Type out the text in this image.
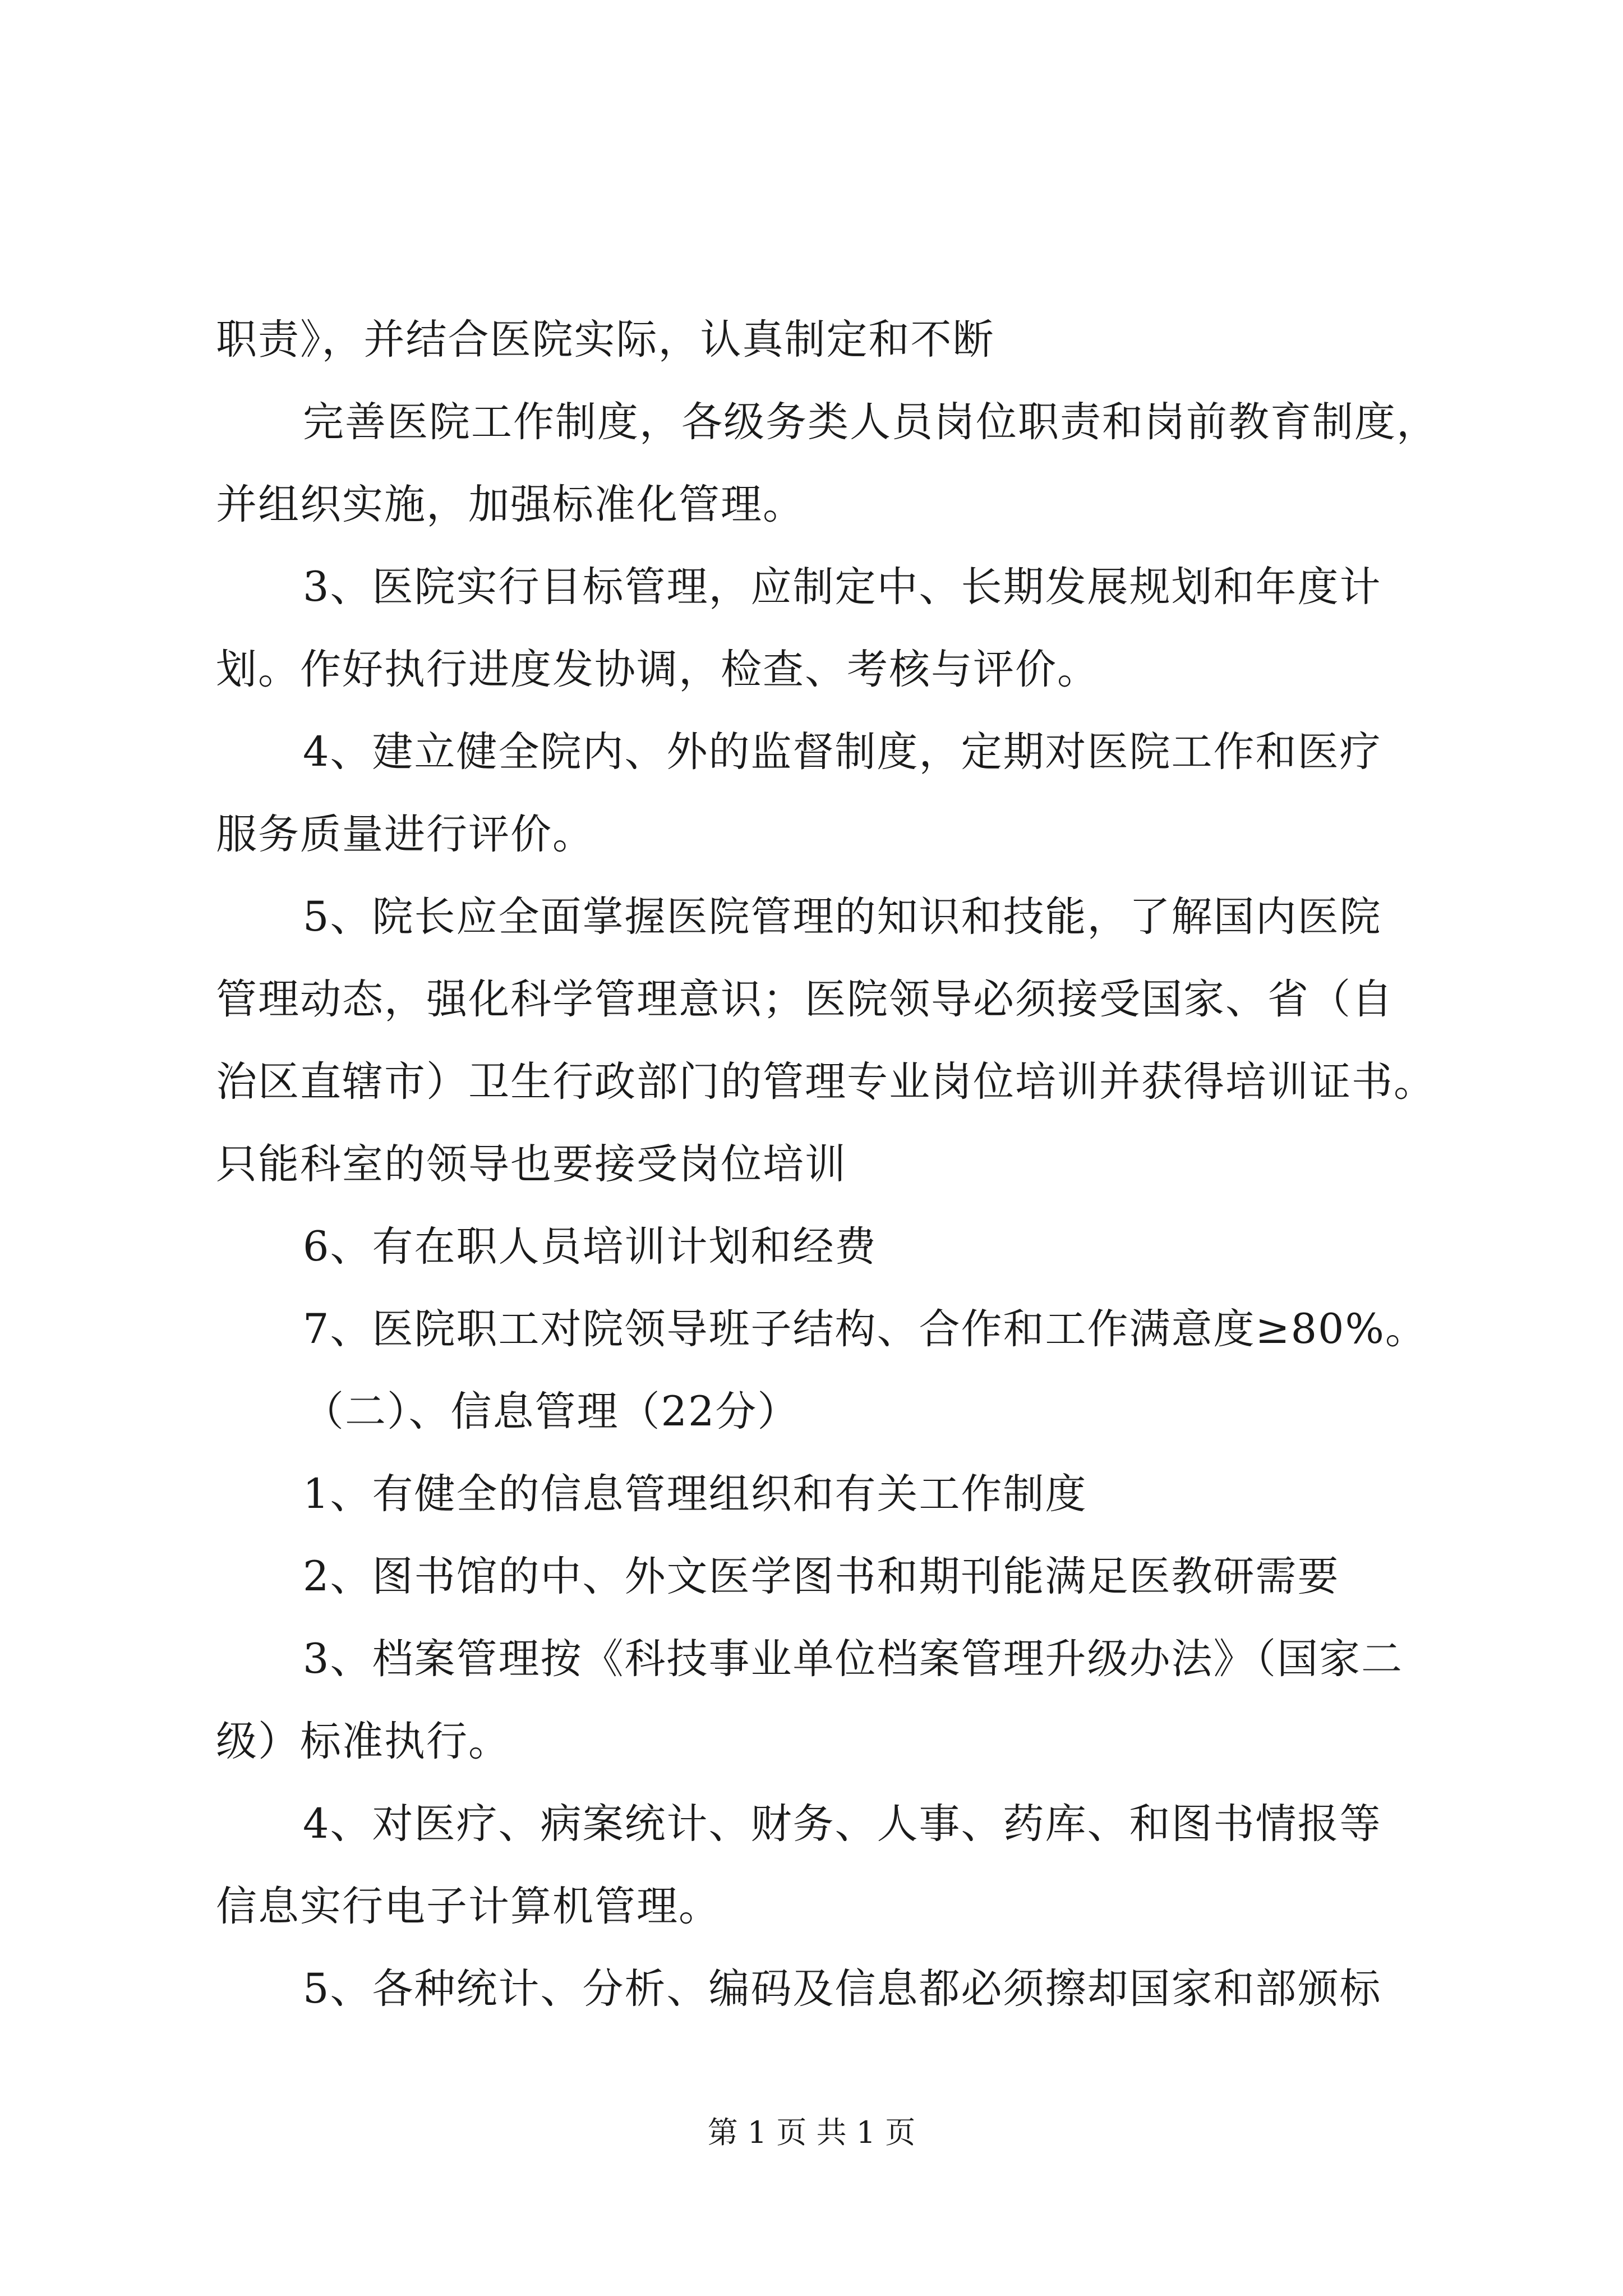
职责》，并结合医院实际，认真制定和不断
完善医院工作制度，各级务类人员岗位职责和岗前教育制度，
并组织实施，加强标准化管理。
3、医院实行目标管理，应制定中、长期发展规划和年度计
划。作好执行进度发协调，检查、考核与评价。
4、建立健全院内、外的监督制度，定期对医院工作和医疗
服务质量进行评价。
5、院长应全面掌握医院管理的知识和技能，了解国内医院
管理动态，强化科学管理意识；医院领导必须接受国家、省（自
治区直辖市）卫生行政部门的管理专业岗位培训并获得培训证书。
只能科室的领导也要接受岗位培训
6、有在职人员培训计划和经费
7、医院职工对院领导班子结构、合作和工作满意度≥80%。
（二）、信息管理（22分）
1、有健全的信息管理组织和有关工作制度
2、图书馆的中、外文医学图书和期刊能满足医教研需要
3、档案管理按《科技事业单位档案管理升级办法》（国家二
级）标准执行。
4、对医疗、病案统计、财务、人事、药库、和图书情报等
信息实行电子计算机管理。
5、各种统计、分析、编码及信息都必须擦却国家和部颁标
第 1 页 共 1 页
